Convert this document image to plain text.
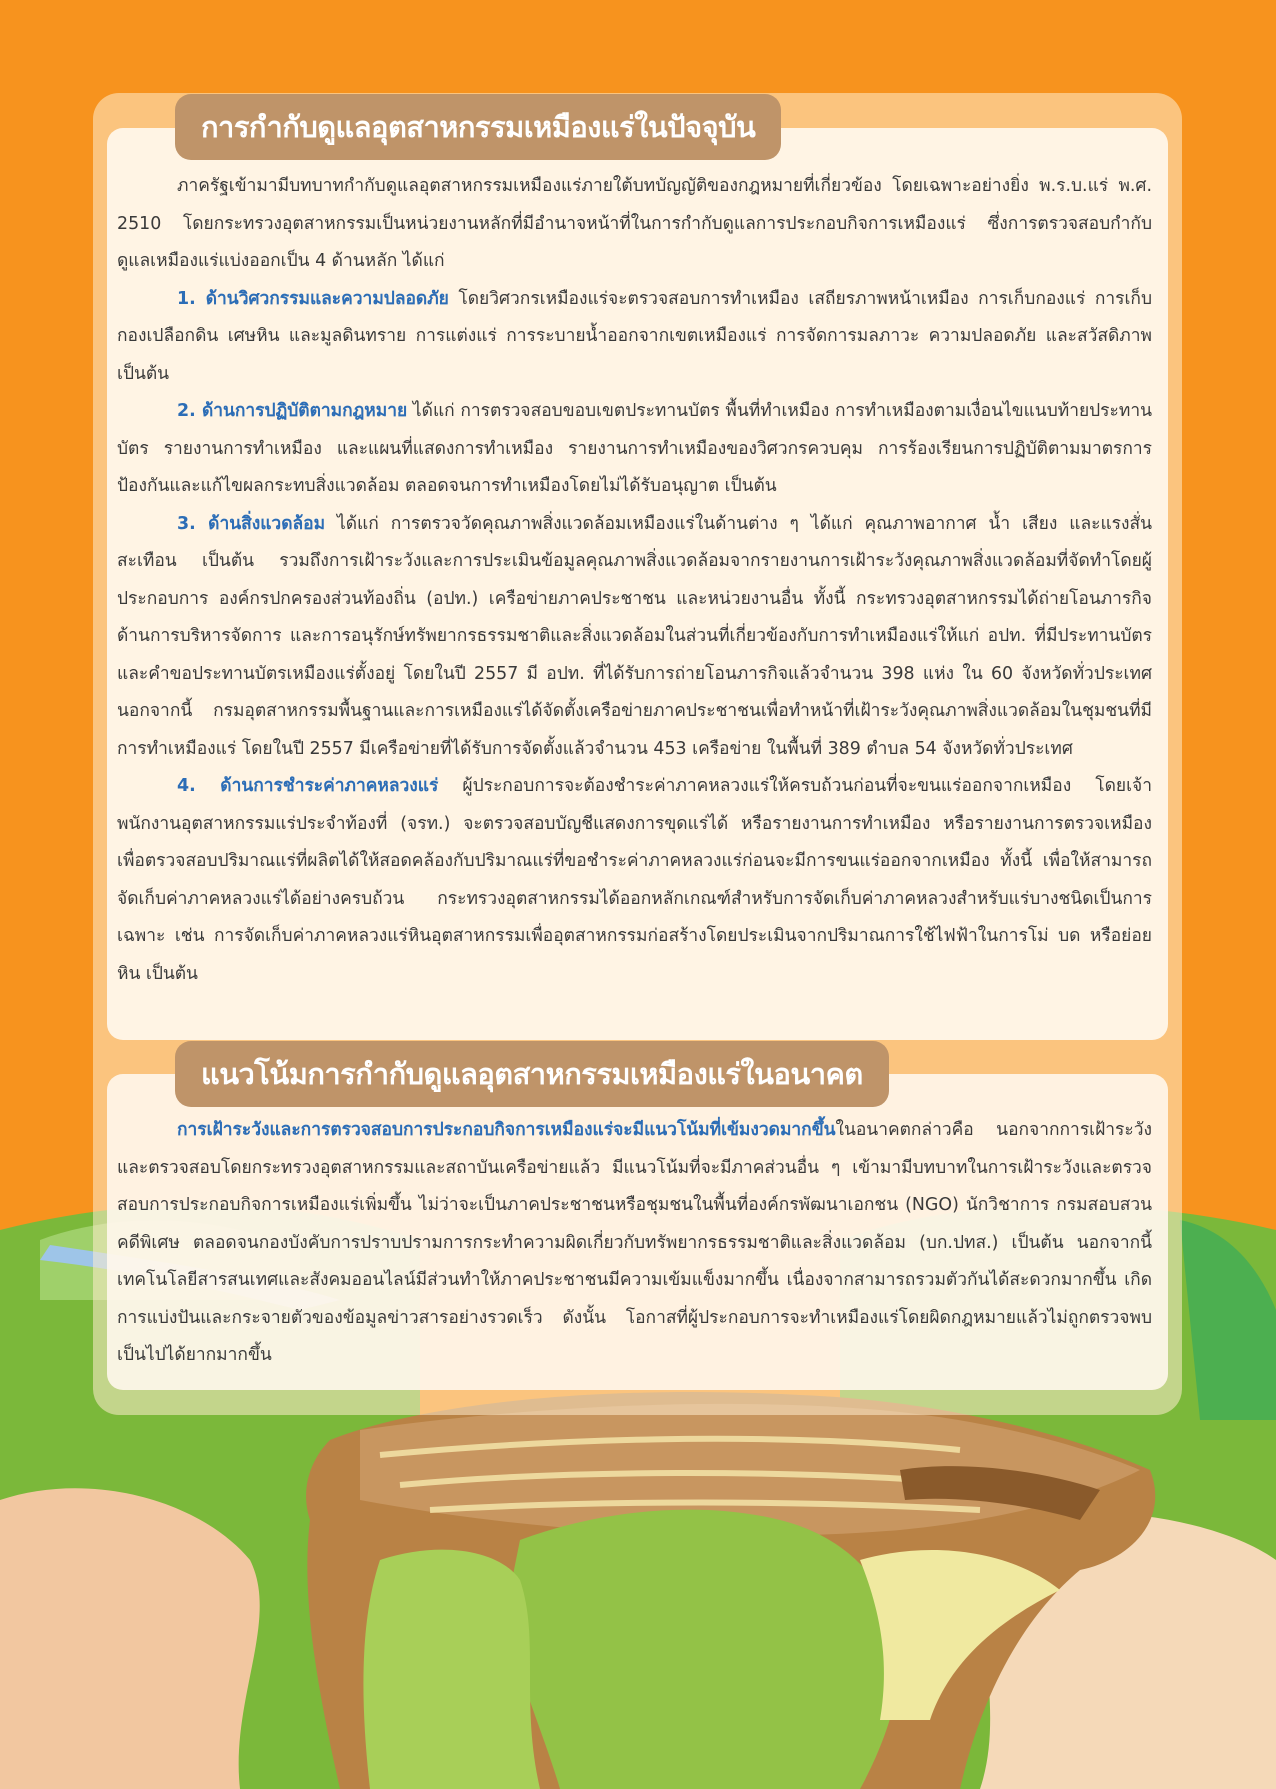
การกำกับดูแลอุตสาหกรรมเหมืองแร่ในปัจจุบัน
แนวโน้มการกำกับดูแลอุตสาหกรรมเหมืองแร่ในอนาคต

ภาครัฐเข้ามามีบทบาทกำกับดูแลอุตสาหกรรมเหมืองแร่ภายใต้บทบัญญัติของกฎหมายที่เกี่ยวข้อง โดยเฉพาะอย่างยิ่ง พ.ร.บ.แร่ พ.ศ. 2510 โดยกระทรวงอุตสาหกรรมเป็นหน่วยงานหลักที่มีอำนาจหน้าที่ในการกำกับดูแลการประกอบกิจการเหมืองแร่ ซึ่งการตรวจสอบกำกับดูแลเหมืองแร่แบ่งออกเป็น 4 ด้านหลัก ได้แก่

1. ด้านวิศวกรรมและความปลอดภัย โดยวิศวกรเหมืองแร่จะตรวจสอบการทำเหมือง เสถียรภาพหน้าเหมือง การเก็บกองแร่ การเก็บกองเปลือกดิน เศษหิน และมูลดินทราย การแต่งแร่ การระบายน้ำออกจากเขตเหมืองแร่ การจัดการมลภาวะ ความปลอดภัย และสวัสดิภาพ เป็นต้น

2. ด้านการปฏิบัติตามกฎหมาย ได้แก่ การตรวจสอบขอบเขตประทานบัตร พื้นที่ทำเหมือง การทำเหมืองตามเงื่อนไขแนบท้ายประทานบัตร รายงานการทำเหมือง และแผนที่แสดงการทำเหมือง รายงานการทำเหมืองของวิศวกรควบคุม การร้องเรียนการปฏิบัติตามมาตรการป้องกันและแก้ไขผลกระทบสิ่งแวดล้อม ตลอดจนการทำเหมืองโดยไม่ได้รับอนุญาต เป็นต้น

3. ด้านสิ่งแวดล้อม ได้แก่ การตรวจวัดคุณภาพสิ่งแวดล้อมเหมืองแร่ในด้านต่าง ๆ ได้แก่ คุณภาพอากาศ น้ำ เสียง และแรงสั่นสะเทือน เป็นต้น รวมถึงการเฝ้าระวังและการประเมินข้อมูลคุณภาพสิ่งแวดล้อมจากรายงานการเฝ้าระวังคุณภาพสิ่งแวดล้อมที่จัดทำโดยผู้ประกอบการ องค์กรปกครองส่วนท้องถิ่น (อปท.) เครือข่ายภาคประชาชน และหน่วยงานอื่น ทั้งนี้ กระทรวงอุตสาหกรรมได้ถ่ายโอนภารกิจด้านการบริหารจัดการ และการอนุรักษ์ทรัพยากรธรรมชาติและสิ่งแวดล้อมในส่วนที่เกี่ยวข้องกับการทำเหมืองแร่ให้แก่ อปท. ที่มีประทานบัตรและคำขอประทานบัตรเหมืองแร่ตั้งอยู่ โดยในปี 2557 มี อปท. ที่ได้รับการถ่ายโอนภารกิจแล้วจำนวน 398 แห่ง ใน 60 จังหวัดทั่วประเทศ นอกจากนี้ กรมอุตสาหกรรมพื้นฐานและการเหมืองแร่ได้จัดตั้งเครือข่ายภาคประชาชนเพื่อทำหน้าที่เฝ้าระวังคุณภาพสิ่งแวดล้อมในชุมชนที่มีการทำเหมืองแร่ โดยในปี 2557 มีเครือข่ายที่ได้รับการจัดตั้งแล้วจำนวน 453 เครือข่าย ในพื้นที่ 389 ตำบล 54 จังหวัดทั่วประเทศ

4. ด้านการชำระค่าภาคหลวงแร่ ผู้ประกอบการจะต้องชำระค่าภาคหลวงแร่ให้ครบถ้วนก่อนที่จะขนแร่ออกจากเหมือง โดยเจ้าพนักงานอุตสาหกรรมแร่ประจำท้องที่ (จรท.) จะตรวจสอบบัญชีแสดงการขุดแร่ได้ หรือรายงานการทำเหมือง หรือรายงานการตรวจเหมือง เพื่อตรวจสอบปริมาณแร่ที่ผลิตได้ให้สอดคล้องกับปริมาณแร่ที่ขอชำระค่าภาคหลวงแร่ก่อนจะมีการขนแร่ออกจากเหมือง ทั้งนี้ เพื่อให้สามารถจัดเก็บค่าภาคหลวงแร่ได้อย่างครบถ้วน กระทรวงอุตสาหกรรมได้ออกหลักเกณฑ์สำหรับการจัดเก็บค่าภาคหลวงสำหรับแร่บางชนิดเป็นการเฉพาะ เช่น การจัดเก็บค่าภาคหลวงแร่หินอุตสาหกรรมเพื่ออุตสาหกรรมก่อสร้างโดยประเมินจากปริมาณการใช้ไฟฟ้าในการโม่ บด หรือย่อยหิน เป็นต้น

การเฝ้าระวังและการตรวจสอบการประกอบกิจการเหมืองแร่จะมีแนวโน้มที่เข้มงวดมากขึ้นในอนาคตกล่าวคือ นอกจากการเฝ้าระวังและตรวจสอบโดยกระทรวงอุตสาหกรรมและสถาบันเครือข่ายแล้ว มีแนวโน้มที่จะมีภาคส่วนอื่น ๆ เข้ามามีบทบาทในการเฝ้าระวังและตรวจสอบการประกอบกิจการเหมืองแร่เพิ่มขึ้น ไม่ว่าจะเป็นภาคประชาชนหรือชุมชนในพื้นที่องค์กรพัฒนาเอกชน (NGO) นักวิชาการ กรมสอบสวนคดีพิเศษ ตลอดจนกองบังคับการปราบปรามการกระทำความผิดเกี่ยวกับทรัพยากรธรรมชาติและสิ่งแวดล้อม (บก.ปทส.) เป็นต้น นอกจากนี้ เทคโนโลยีสารสนเทศและสังคมออนไลน์มีส่วนทำให้ภาคประชาชนมีความเข้มแข็งมากขึ้น เนื่องจากสามารถรวมตัวกันได้สะดวกมากขึ้น เกิดการแบ่งปันและกระจายตัวของข้อมูลข่าวสารอย่างรวดเร็ว ดังนั้น โอกาสที่ผู้ประกอบการจะทำเหมืองแร่โดยผิดกฎหมายแล้วไม่ถูกตรวจพบเป็นไปได้ยากมากขึ้น
